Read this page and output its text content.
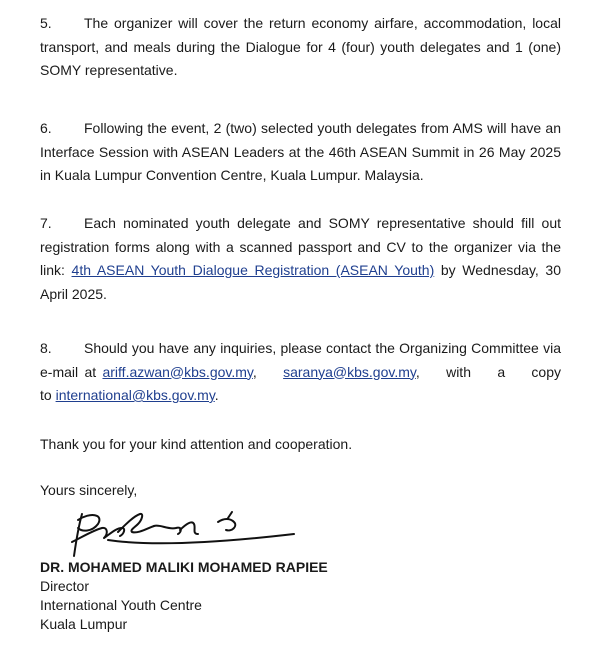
5. The organizer will cover the return economy airfare, accommodation, local transport, and meals during the Dialogue for 4 (four) youth delegates and 1 (one) SOMY representative.
6. Following the event, 2 (two) selected youth delegates from AMS will have an Interface Session with ASEAN Leaders at the 46th ASEAN Summit in 26 May 2025 in Kuala Lumpur Convention Centre, Kuala Lumpur. Malaysia.
7. Each nominated youth delegate and SOMY representative should fill out registration forms along with a scanned passport and CV to the organizer via the link: 4th ASEAN Youth Dialogue Registration (ASEAN Youth) by Wednesday, 30 April 2025.
8. Should you have any inquiries, please contact the Organizing Committee via e-mail at ariff.azwan@kbs.gov.my, saranya@kbs.gov.my, with a copy to international@kbs.gov.my.
Thank you for your kind attention and cooperation.
Yours sincerely,
DR. MOHAMED MALIKI MOHAMED RAPIEE
Director
International Youth Centre
Kuala Lumpur
